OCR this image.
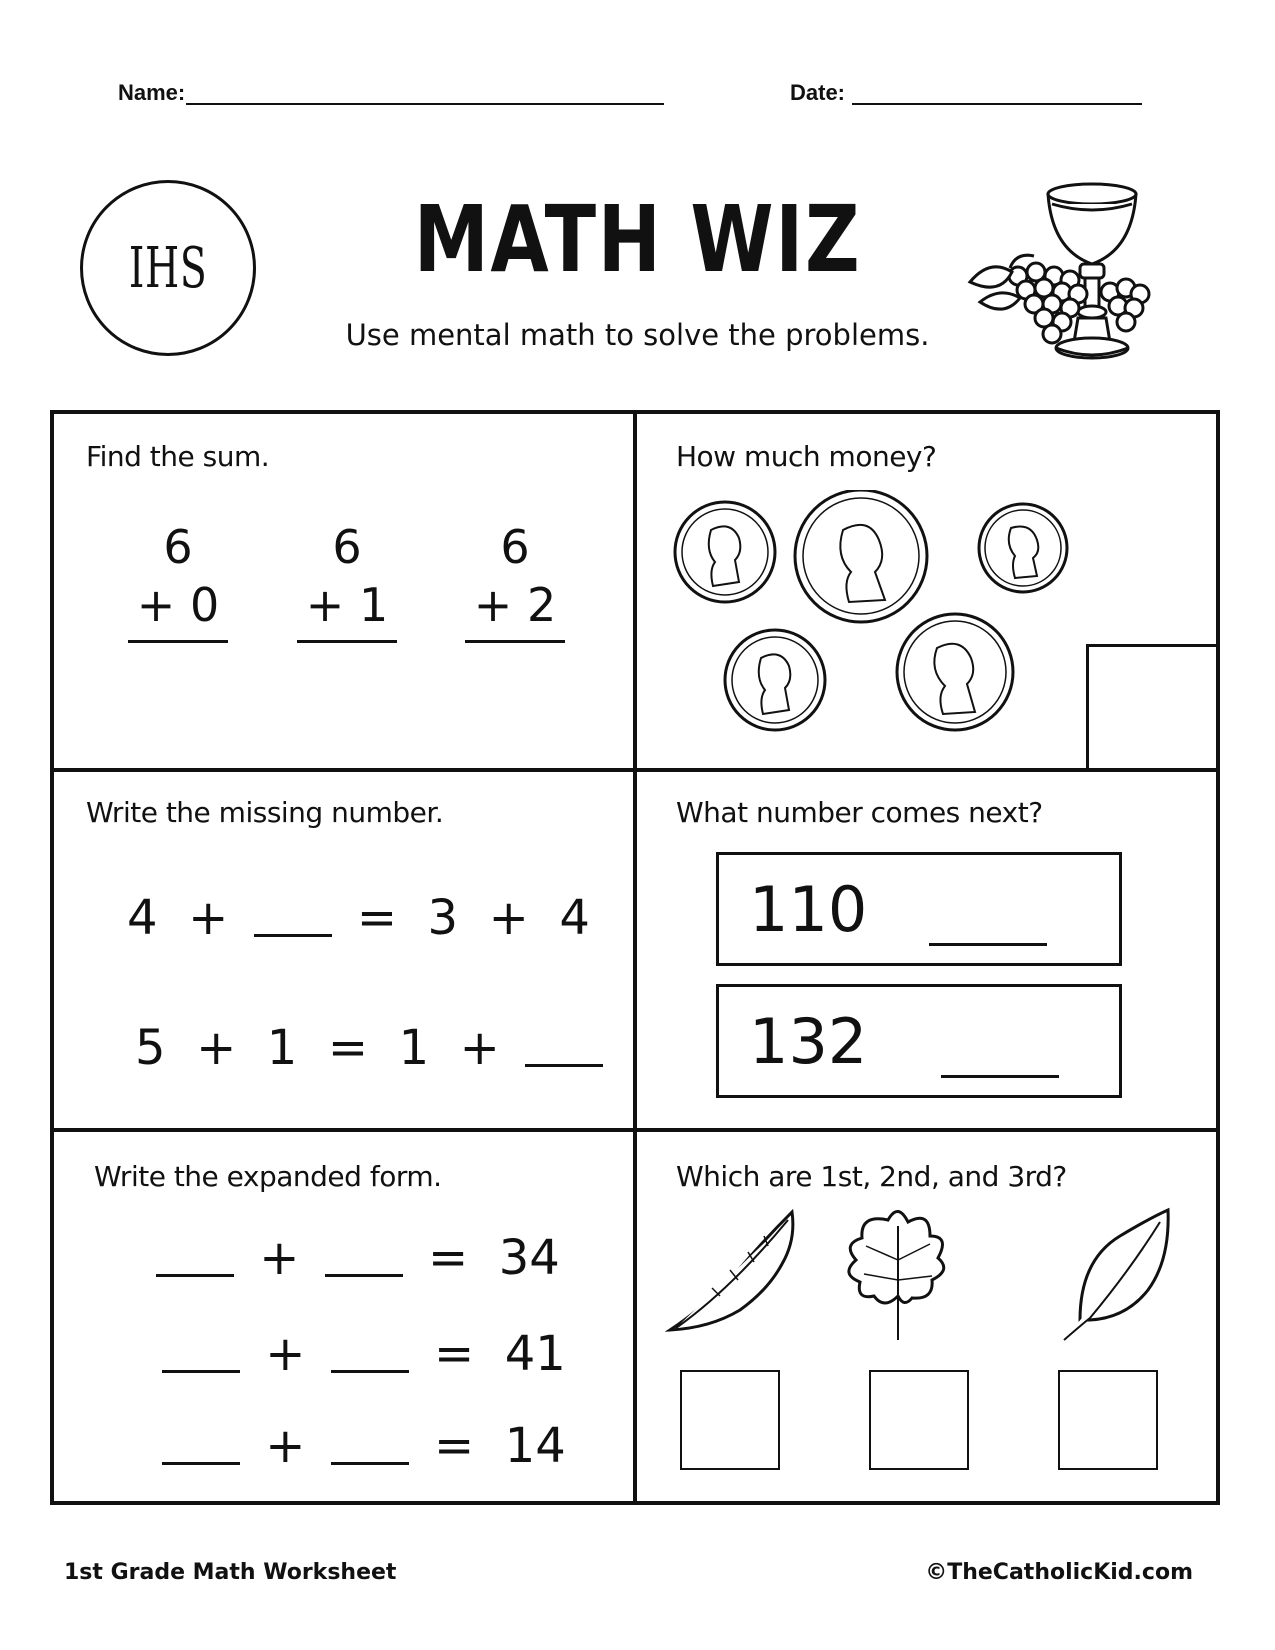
Name:	Date:
IHS	MATH WIZ
Use mental math to solve the problems.
Find the sum.
6
+ 0
6
+ 1
6
+ 2
How much money?
Write the missing number.
4 +	= 3 + 4
5 + 1 = 1 +
What number comes next?
110
132
Write the expanded form.
+	= 34
+	= 41
+	= 14
Which are 1st, 2nd, and 3rd?
1st Grade Math Worksheet	©TheCatholicKid.com
